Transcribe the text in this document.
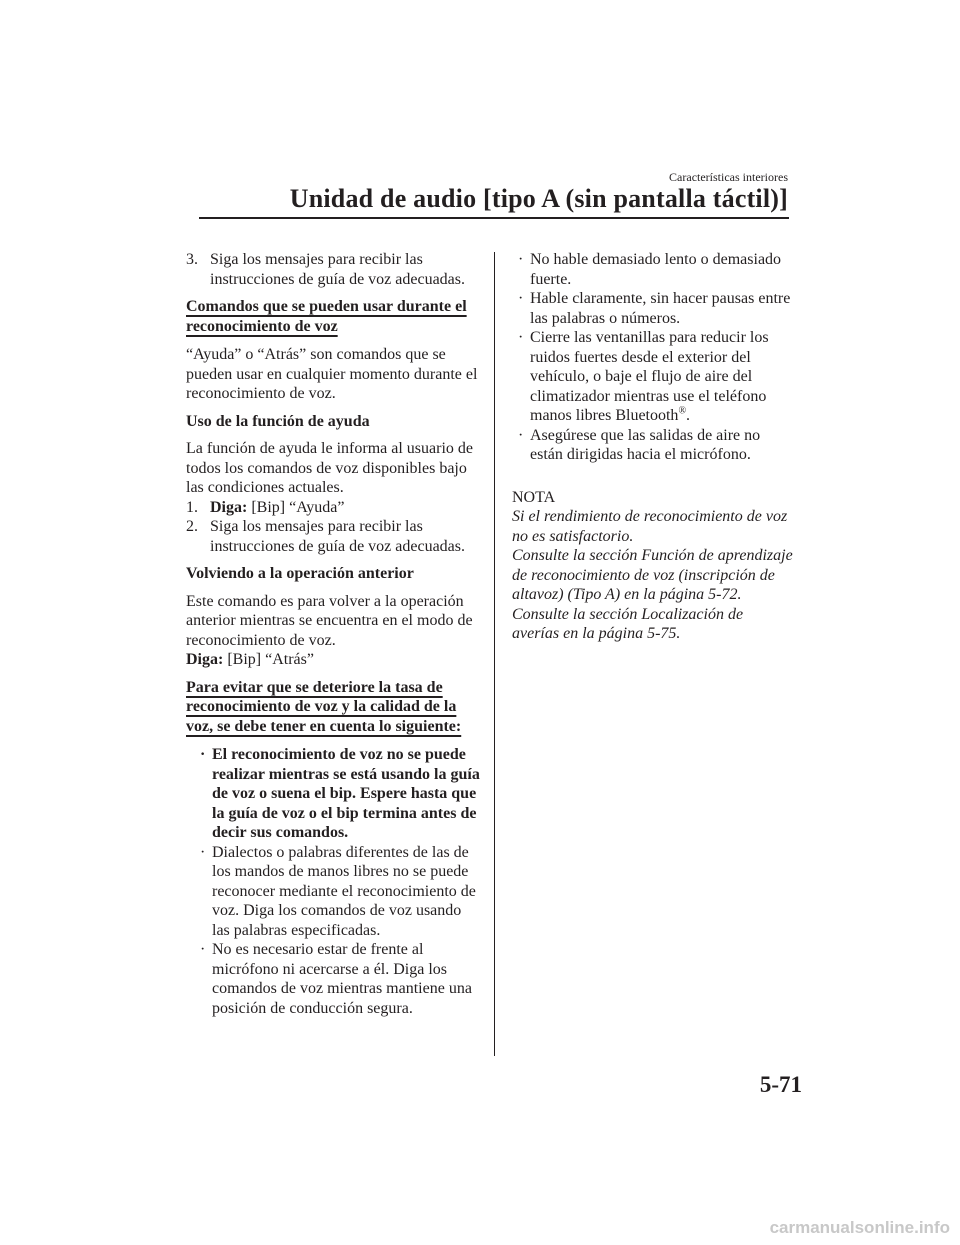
Características interiores
Unidad de audio [tipo A (sin pantalla táctil)]
3. Siga los mensajes para recibir las instrucciones de guía de voz adecuadas.

Comandos que se pueden usar durante el reconocimiento de voz

“Ayuda” o “Atrás” son comandos que se pueden usar en cualquier momento durante el reconocimiento de voz.

Uso de la función de ayuda

La función de ayuda le informa al usuario de todos los comandos de voz disponibles bajo las condiciones actuales.

1. Diga: [Bip] “Ayuda”
2. Siga los mensajes para recibir las instrucciones de guía de voz adecuadas.

Volviendo a la operación anterior

Este comando es para volver a la operación anterior mientras se encuentra en el modo de reconocimiento de voz.

Diga: [Bip] “Atrás”

Para evitar que se deteriore la tasa de reconocimiento de voz y la calidad de la voz, se debe tener en cuenta lo siguiente:

· El reconocimiento de voz no se puede realizar mientras se está usando la guía de voz o suena el bip. Espere hasta que la guía de voz o el bip termina antes de decir sus comandos.
· Dialectos o palabras diferentes de las de los mandos de manos libres no se puede reconocer mediante el reconocimiento de voz. Diga los comandos de voz usando las palabras especificadas.
· No es necesario estar de frente al micrófono ni acercarse a él. Diga los comandos de voz mientras mantiene una posición de conducción segura.
· No hable demasiado lento o demasiado fuerte.
· Hable claramente, sin hacer pausas entre las palabras o números.
· Cierre las ventanillas para reducir los ruidos fuertes desde el exterior del vehículo, o baje el flujo de aire del climatizador mientras use el teléfono manos libres Bluetooth®.
· Asegúrese que las salidas de aire no están dirigidas hacia el micrófono.

NOTA

Si el rendimiento de reconocimiento de voz no es satisfactorio.

Consulte la sección Función de aprendizaje de reconocimiento de voz (inscripción de altavoz) (Tipo A) en la página 5-72.

Consulte la sección Localización de averías en la página 5-75.

5-71
carmanualsonline.info
